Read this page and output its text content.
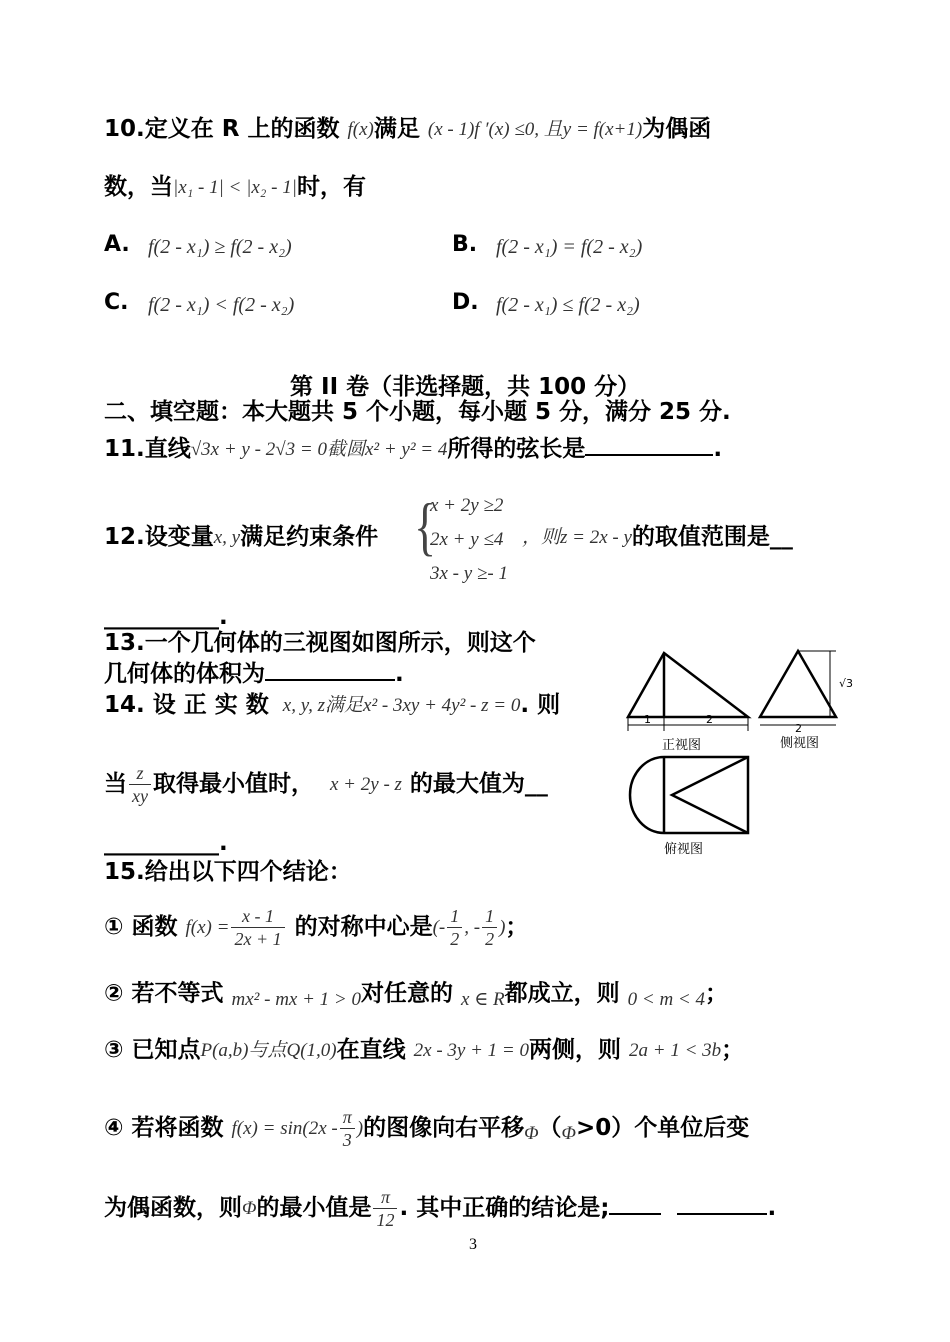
10.定义在 R 上的函数 f(x)满足 (x - 1)f ′(x) ≤0, 且y = f(x+1)为偶函
数，当|x₁ - 1| < |x₂ - 1|时，有
A. f(2 - x₁) ≥ f(2 - x₂)	B. f(2 - x₁) = f(2 - x₂)
C. f(2 - x₁) < f(2 - x₂)	D. f(2 - x₁) ≤ f(2 - x₂)
第 II 卷（非选择题，共 100 分）
二、填空题：本大题共 5 个小题，每小题 5 分，满分 25 分.
11.直线√3x + y - 2√3 = 0截圆x² + y² = 4所得的弦长是	.
12.设变量x, y满足约束条件 {
x + 2y ≥2
2x + y ≤4
3x - y ≥- 1
，则z = 2x - y的取值范围是__
__________.
13.一个几何体的三视图如图所示，则这个
几何体的体积为	.
14. 设 正 实 数 x, y, z满足x² - 3xy + 4y² - z = 0. 则
当 $\frac{z}{xy}$ 取得最小值时， x + 2y - z 的最大值为__
__________.
1	2
正视图
√3
2
侧视图
俯视图
15.给出以下四个结论：
① 函数 $f(x) = \frac{x - 1}{2x + 1}$ 的对称中心是(- $\frac{1}{2}$ , - $\frac{1}{2}$ )；
② 若不等式 mx² - mx + 1 > 0对任意的 x ∈ R都成立，则 0 < m < 4；
③ 已知点P(a,b)与点Q(1,0)在直线 2x - 3y + 1 = 0两侧，则 2a + 1 < 3b；
④ 若将函数 $f(x) = \sin(2x - \frac{\pi}{3}$ )的图像向右平移Φ（Φ>0）个单位后变
为偶函数，则Φ的最小值是 $\frac{\pi}{12}$ . 其中正确的结论是;	.
3
